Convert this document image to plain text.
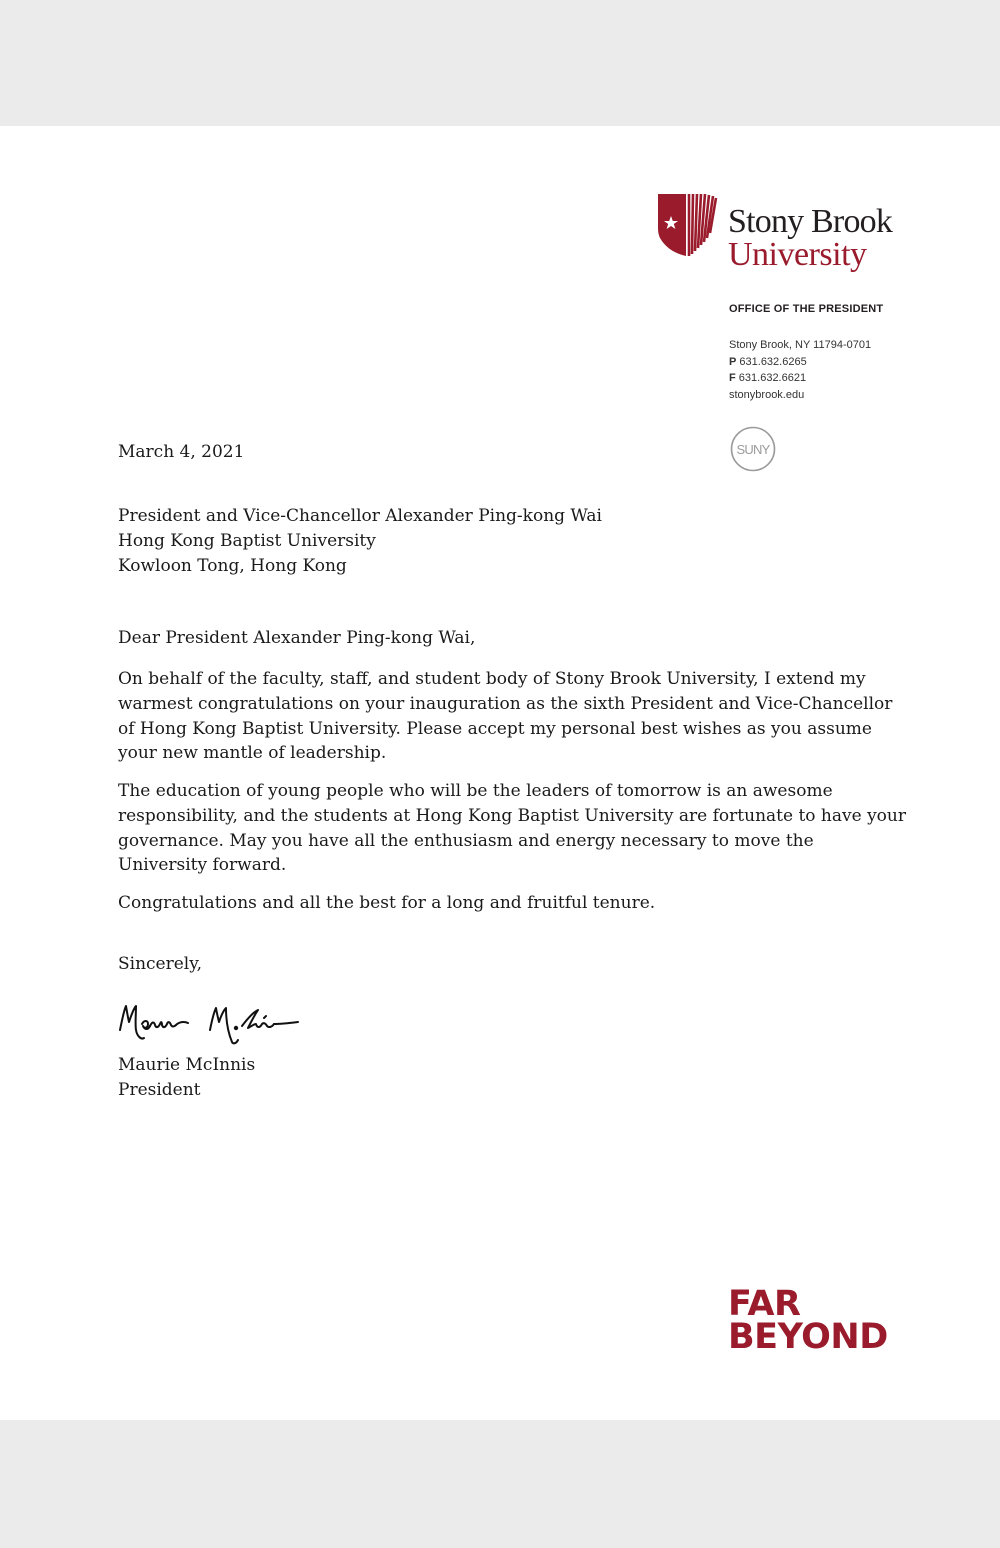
Stony Brook
University
OFFICE OF THE PRESIDENT
Stony Brook, NY 11794-0701
P 631.632.6265
F 631.632.6621
stonybrook.edu
SUNY
March 4, 2021
President and Vice-Chancellor Alexander Ping-kong Wai
Hong Kong Baptist University
Kowloon Tong, Hong Kong
Dear President Alexander Ping-kong Wai,
On behalf of the faculty, staff, and student body of Stony Brook University, I extend my warmest congratulations on your inauguration as the sixth President and Vice-Chancellor of Hong Kong Baptist University. Please accept my personal best wishes as you assume your new mantle of leadership.
The education of young people who will be the leaders of tomorrow is an awesome responsibility, and the students at Hong Kong Baptist University are fortunate to have your governance. May you have all the enthusiasm and energy necessary to move the University forward.
Congratulations and all the best for a long and fruitful tenure.
Sincerely,
Maurie McInnis
President
FAR
BEYOND
